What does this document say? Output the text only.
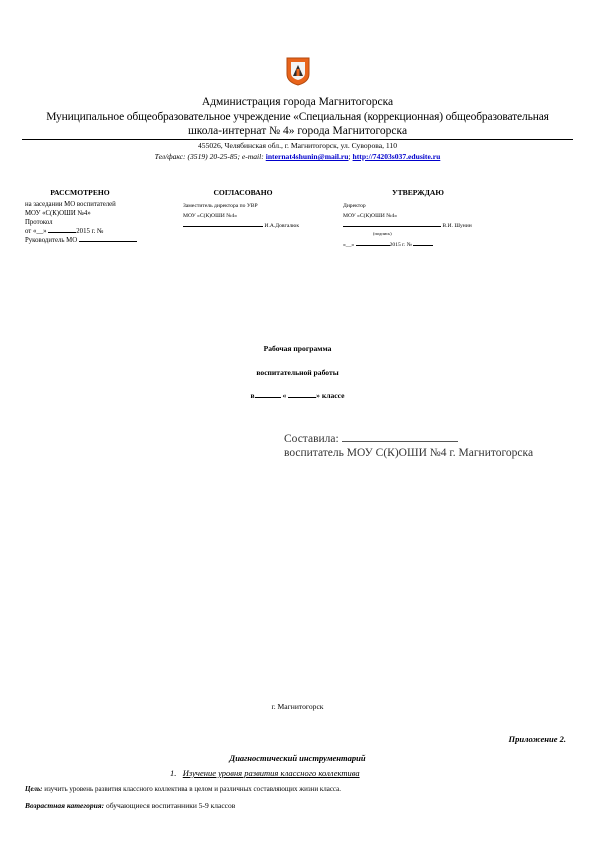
Администрация города Магнитогорска
Муниципальное общеобразовательное учреждение «Специальная (коррекционная) общеобразовательная
школа-интернат № 4» города Магнитогорска
455026, Челябинская обл., г. Магнитогорск, ул. Суворова, 110
Тел/факс: (3519) 20-25-85; e-mail: internat4shunin@mail.ru; http://74203s037.edusite.ru
РАССМОТРЕНО
на заседании МО воспитателей
МОУ «С(К)ОШИ №4»
Протокол
от «__»	2015 г. №
Руководитель МО
СОГЛАСОВАНО
Заместитель директора по УВР
МОУ «С(К)ОШИ №4»
И.А.Довгалюк
УТВЕРЖДАЮ
Директор
МОУ «С(К)ОШИ №4»
В.И. Шунин
(подпись)
«__»	2015 г. №
Рабочая программа
воспитательной работы
в	«	» классе
Составила:
воспитатель МОУ С(К)ОШИ №4 г. Магнитогорска
г. Магнитогорск
Приложение 2.
Диагностический инструментарий
1. Изучение уровня развития классного коллектива
Цель: изучить уровень развития классного коллектива в целом и различных составляющих жизни класса.
Возрастная категория: обучающиеся воспитанники 5-9 классов
